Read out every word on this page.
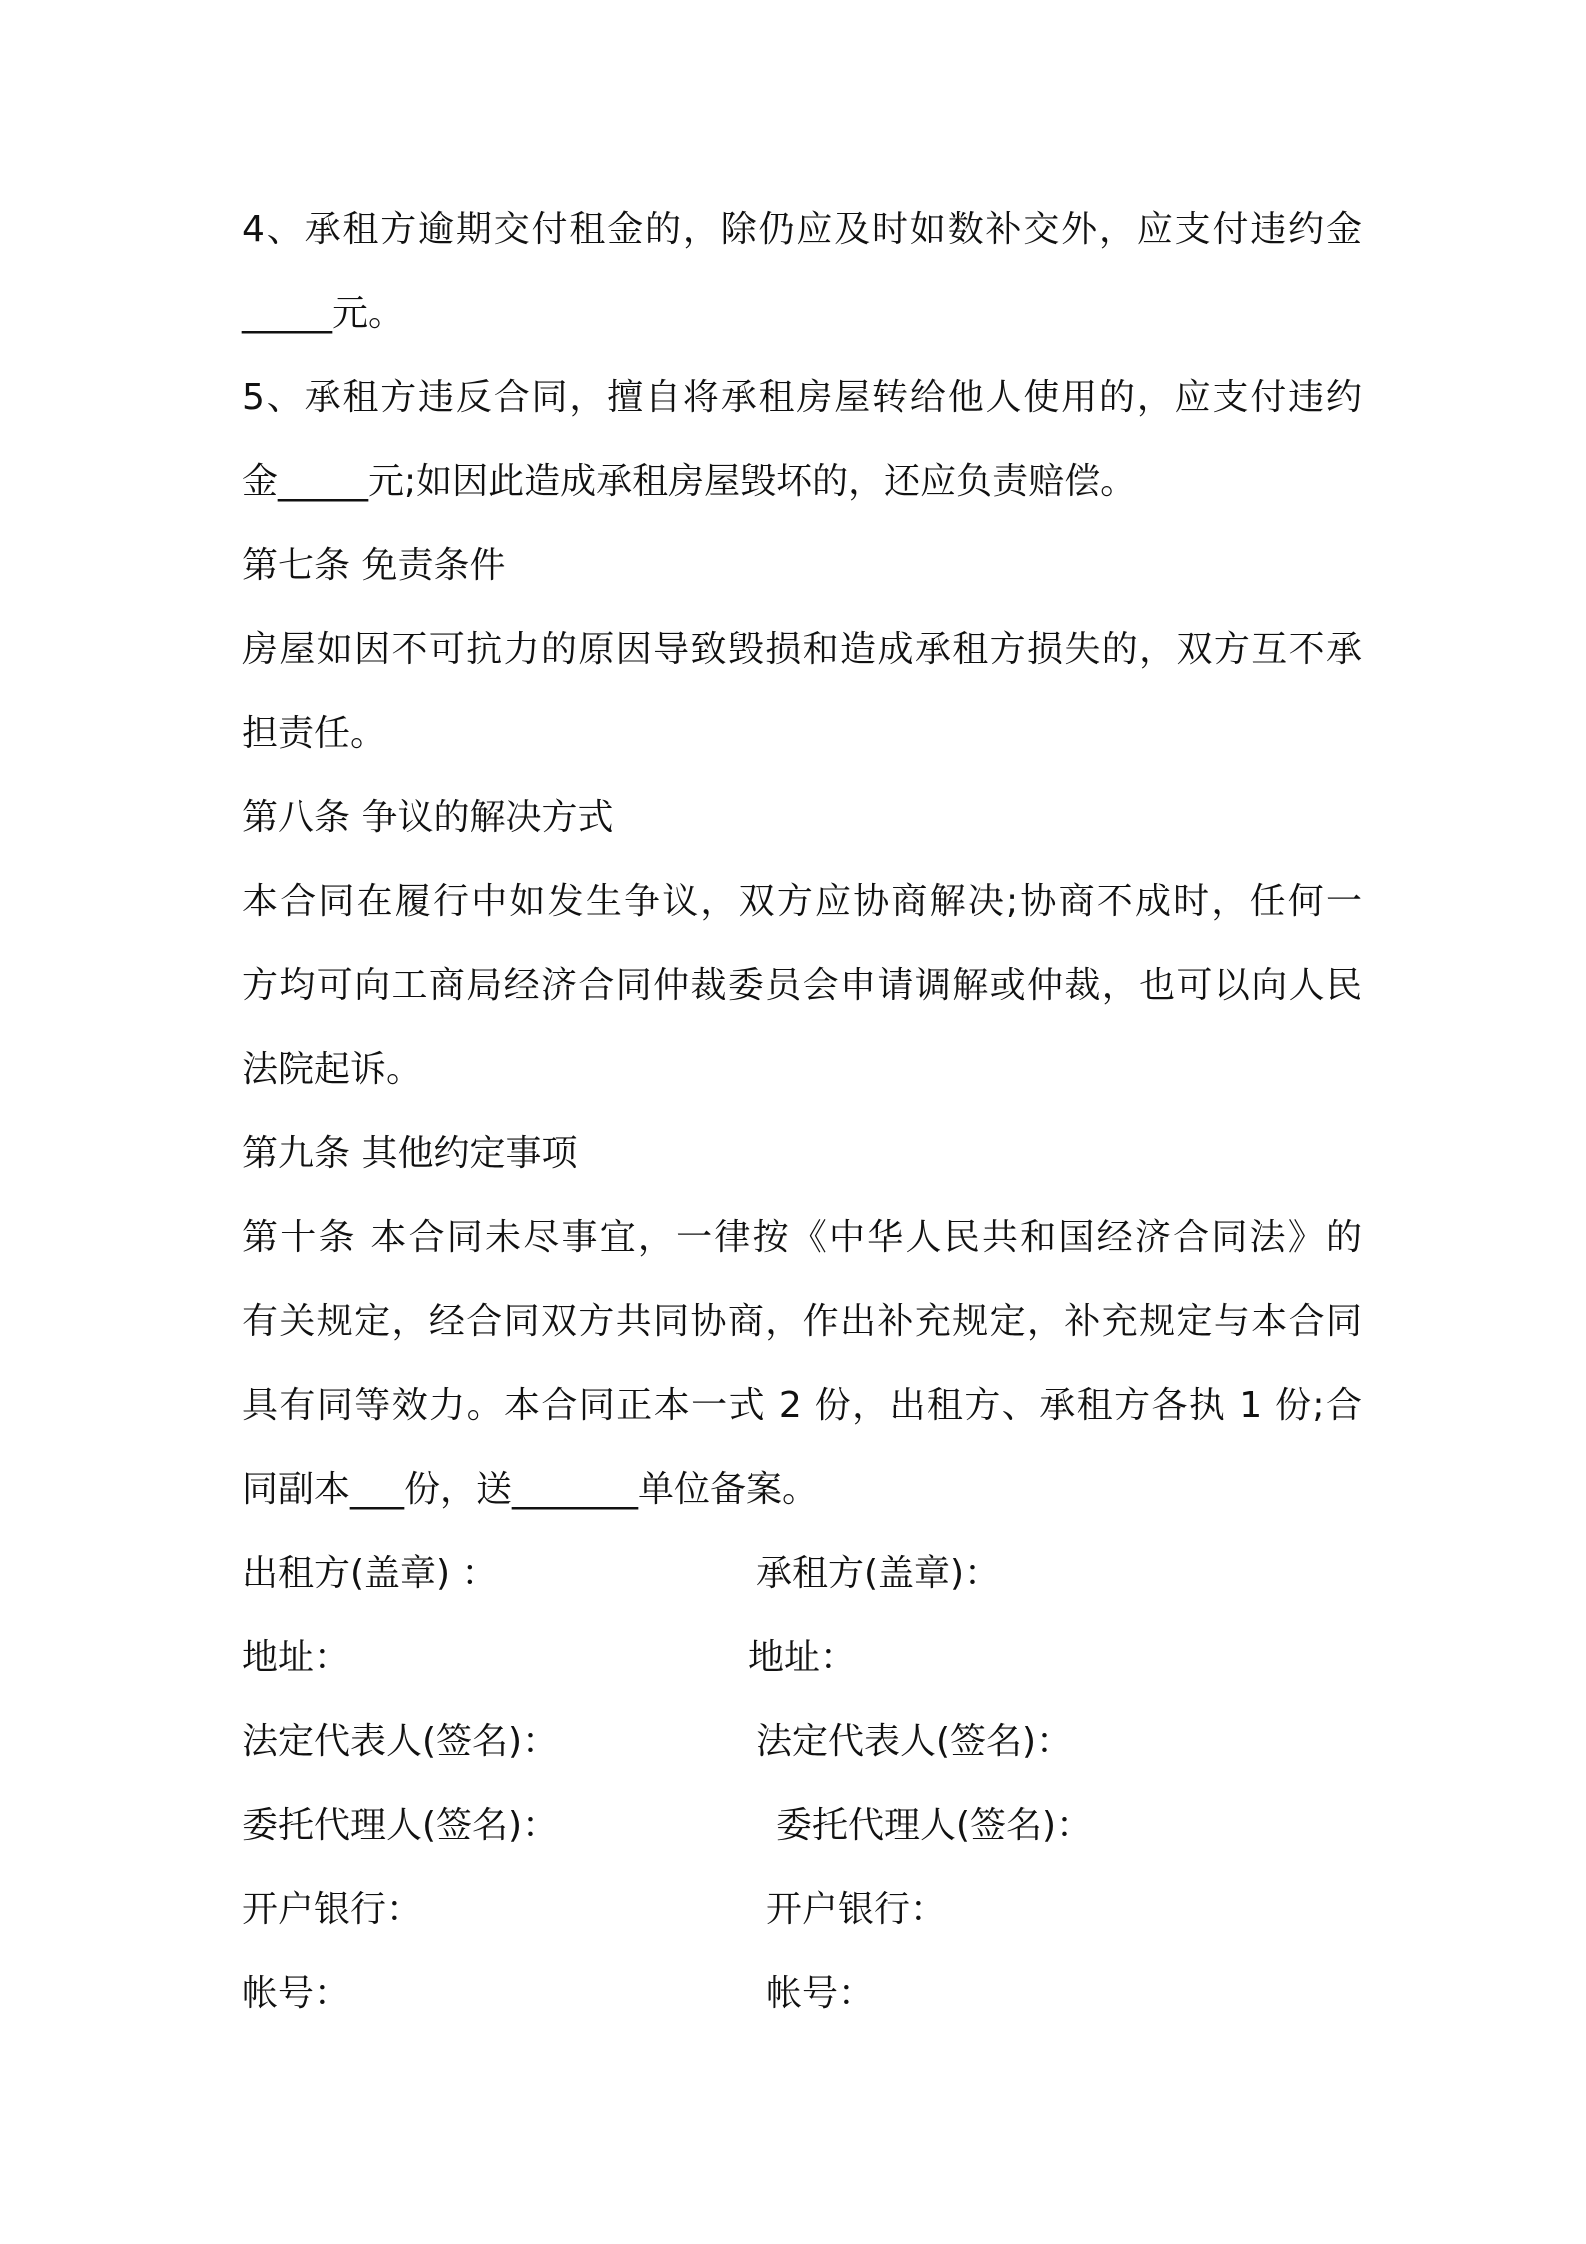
4、承租方逾期交付租金的，除仍应及时如数补交外，应支付违约金
_____元。
5、承租方违反合同，擅自将承租房屋转给他人使用的，应支付违约
金_____元;如因此造成承租房屋毁坏的，还应负责赔偿。
第七条 免责条件
房屋如因不可抗力的原因导致毁损和造成承租方损失的，双方互不承
担责任。
第八条 争议的解决方式
本合同在履行中如发生争议，双方应协商解决;协商不成时，任何一
方均可向工商局经济合同仲裁委员会申请调解或仲裁，也可以向人民
法院起诉。
第九条 其他约定事项
第十条 本合同未尽事宜，一律按《中华人民共和国经济合同法》的
有关规定，经合同双方共同协商，作出补充规定，补充规定与本合同
具有同等效力。本合同正本一式 2 份，出租方、承租方各执 1 份;合
同副本___份，送_______单位备案。
出租方(盖章) ：
地址：
法定代表人(签名)：
委托代理人(签名)：
开户银行：
帐号：
承租方(盖章)：
地址：
法定代表人(签名)：
委托代理人(签名)：
开户银行：
帐号：
